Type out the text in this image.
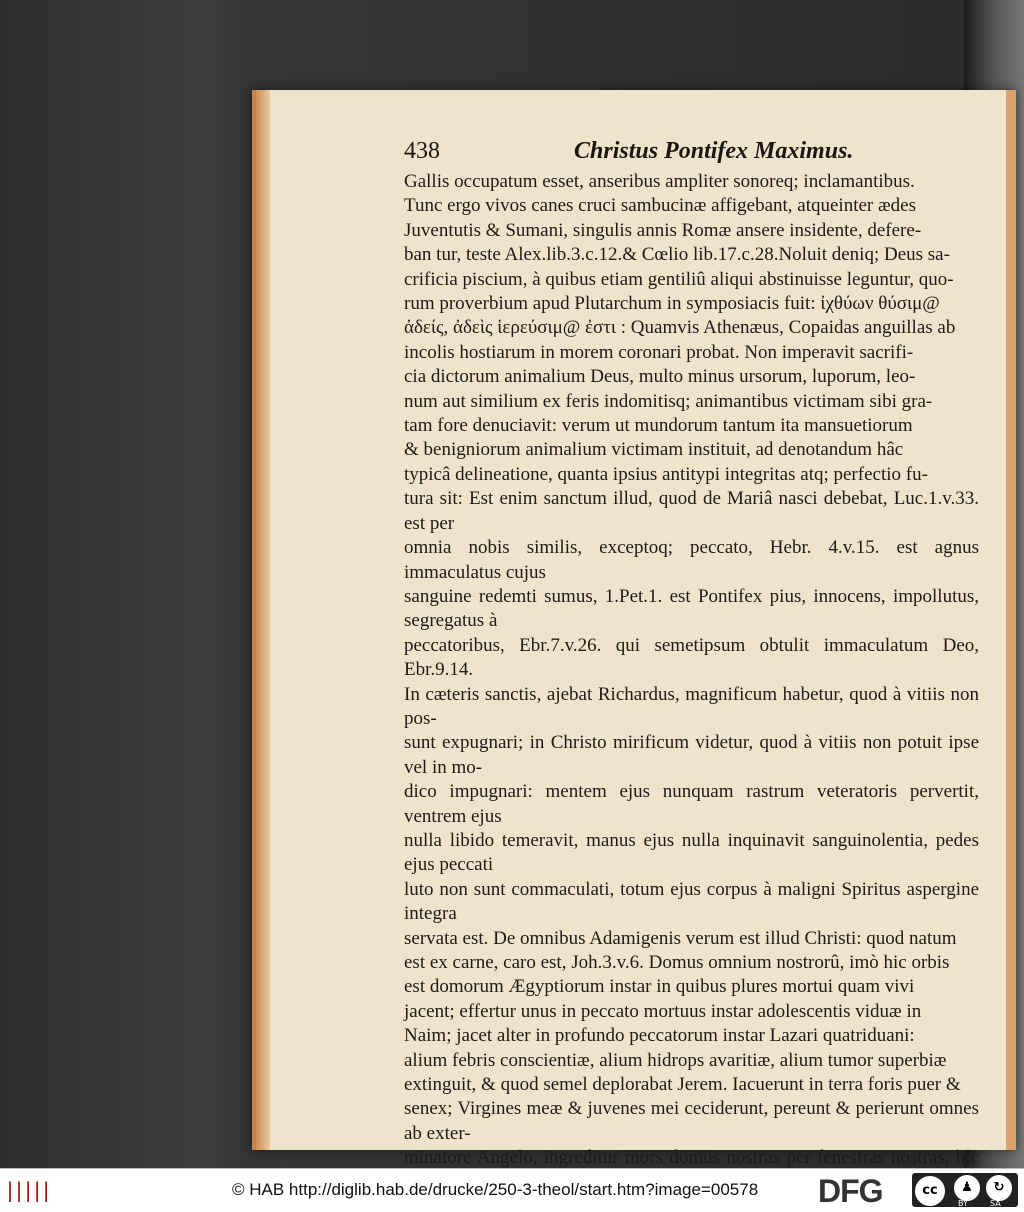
438	Christus Pontifex Maximus.

Gallis occupatum esset, anseribus ampliter sonoreq; inclamantibus.

Tunc ergo vivos canes cruci sambucinæ affigebant, atqueinter ædes

Juventutis & Sumani, singulis annis Romæ ansere insidente, defere-

ban tur, teste Alex.lib.3.c.12.& Cœlio lib.17.c.28.Noluit deniq; Deus sa-

crificia piscium, à quibus etiam gentiliû aliqui abstinuisse leguntur, quo-

rum proverbium apud Plutarchum in symposiacis fuit: ἰχθύων θύσιμ@

ἀδείς, ἀδεὶς ἱερεύσιμ@ ἐστι : Quamvis Athenæus, Copaidas anguillas ab

incolis hostiarum in morem coronari probat. Non imperavit sacrifi-

cia dictorum animalium Deus, multo minus ursorum, luporum, leo-

num aut similium ex feris indomitisq; animantibus victimam sibi gra-

tam fore denuciavit: verum ut mundorum tantum ita mansuetiorum

& benigniorum animalium victimam instituit, ad denotandum hâc

typicâ delineatione, quanta ipsius antitypi integritas atq; perfectio fu-

tura sit: Est enim sanctum illud, quod de Mariâ nasci debebat, Luc.1.v.33. est per

omnia nobis similis, exceptoq; peccato, Hebr. 4.v.15. est agnus immaculatus cujus

sanguine redemti sumus, 1.Pet.1. est Pontifex pius, innocens, impollutus, segregatus à

peccatoribus, Ebr.7.v.26. qui semetipsum obtulit immaculatum Deo, Ebr.9.14.

In cæteris sanctis, ajebat Richardus, magnificum habetur, quod à vitiis non pos-

sunt expugnari; in Christo mirificum videtur, quod à vitiis non potuit ipse vel in mo-

dico impugnari: mentem ejus nunquam rastrum veteratoris pervertit, ventrem ejus

nulla libido temeravit, manus ejus nulla inquinavit sanguinolentia, pedes ejus peccati

luto non sunt commaculati, totum ejus corpus à maligni Spiritus aspergine integra

servata est. De omnibus Adamigenis verum est illud Christi: quod natum

est ex carne, caro est, Joh.3.v.6. Domus omnium nostrorû, imò hic orbis

est domorum Ægyptiorum instar in quibus plures mortui quam vivi

jacent; effertur unus in peccato mortuus instar adolescentis viduæ in

Naim; jacet alter in profundo peccatorum instar Lazari quatriduani:

alium febris conscientiæ, alium hidrops avaritiæ, alium tumor superbiæ

extinguit, & quod semel deplorabat Jerem. Iacuerunt in terra foris puer &

senex; Virgines meæ & juvenes mei ceciderunt, pereunt & perierunt omnes ab exter-

minatore Angelo, ingreditur mors domus nostras per fenestras nostras, hîc

|||||	© HAB http://diglib.hab.de/drucke/250-3-theol/start.htm?image=00578 DFG	cc	♟	↻
BY	SA
